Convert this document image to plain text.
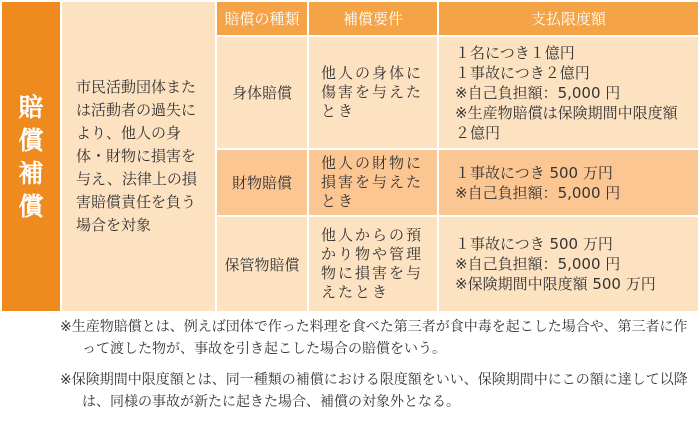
賠
償
補
償	市民活動団体または活動者の過失により、他人の身体・財物に損害を与え、法律上の損害賠償責任を負う場合を対象	賠償の種類	補償要件	支払限度額
		身体賠償	他人の身体に傷害を与えたとき	１名につき１億円
１事故につき２億円
※自己負担額：5,000 円
※生産物賠償は保険期間中限度額２億円

		財物賠償	他人の財物に損害を与えたとき	１事故につき 500 万円
※自己負担額：5,000 円

		保管物賠償	他人からの預かり物や管理物に損害を与えたとき	１事故につき 500 万円
※自己負担額：5,000 円
※保険期間中限度額 500 万円
※生産物賠償とは、例えば団体で作った料理を食べた第三者が食中毒を起こした場合や、第三者に作って渡した物が、事故を引き起こした場合の賠償をいう。
※保険期間中限度額とは、同一種類の補償における限度額をいい、保険期間中にこの額に達して以降は、同様の事故が新たに起きた場合、補償の対象外となる。
